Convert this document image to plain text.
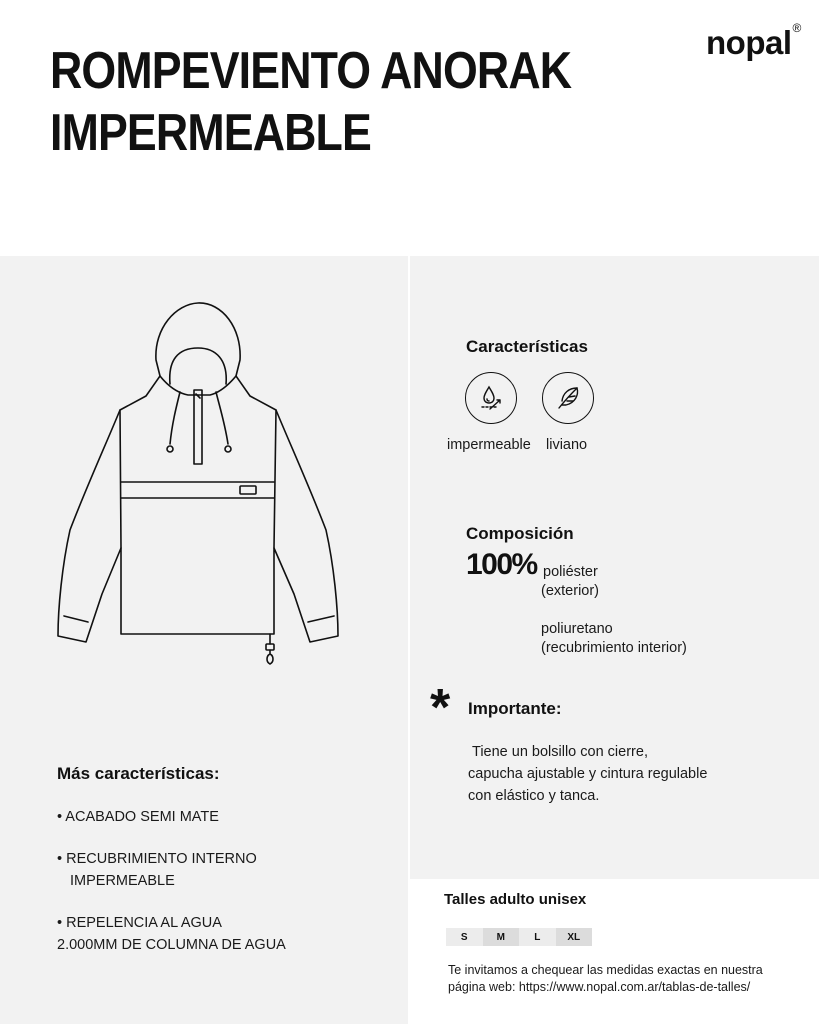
ROMPEVIENTO ANORAK
IMPERMEABLE
nopal®
Características
impermeable liviano
Composición
100% poliéster
(exterior)
poliuretano
(recubrimiento interior)
* Importante:
Tiene un bolsillo con cierre,
capucha ajustable y cintura regulable
con elástico y tanca.
Más características:
• ACABADO SEMI MATE
• RECUBRIMIENTO INTERNO
IMPERMEABLE
• REPELENCIA AL AGUA
2.000MM DE COLUMNA DE AGUA
Talles adulto unisex
S	M	L	XL
Te invitamos a chequear las medidas exactas en nuestra
página web: https://www.nopal.com.ar/tablas-de-talles/
